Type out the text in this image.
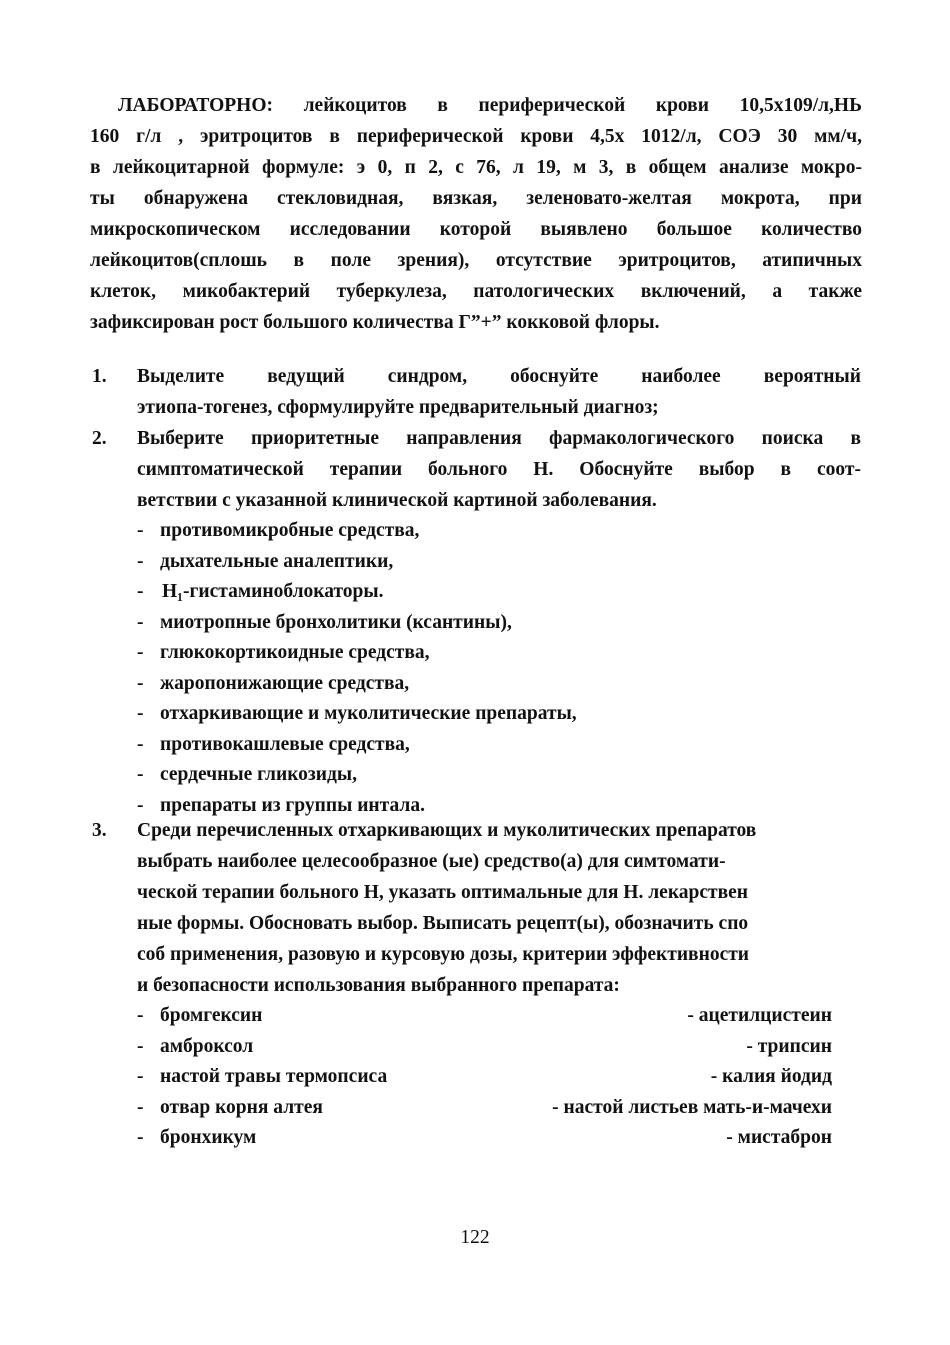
ЛАБОРАТОРНО: лейкоцитов в периферической крови 10,5х109/л,НЬ
160 г/л , эритроцитов в периферической крови 4,5х 1012/л, СОЭ 30 мм/ч,
в лейкоцитарной формуле: э 0, п 2, с 76, л 19, м 3, в общем анализе мокро-
ты обнаружена стекловидная, вязкая, зеленовато-желтая мокрота, при
микроскопическом исследовании которой выявлено большое количество
лейкоцитов(сплошь в поле зрения), отсутствие эритроцитов, атипичных
клеток, микобактерий туберкулеза, патологических включений, а также
зафиксирован рост большого количества Г”+” кокковой флоры.
1.	Выделите ведущий синдром, обоснуйте наиболее вероятный
этиопа-тогенез, сформулируйте предварительный диагноз;
2.	Выберите приоритетные направления фармакологического поиска в
симптоматической терапии больного Н. Обоснуйте выбор в соот-
ветствии с указанной клинической картиной заболевания.
- противомикробные средства,
- дыхательные аналептики,
- Н₁-гистаминоблокаторы.
- миотропные бронхолитики (ксантины),
- глюкокортикоидные средства,
- жаропонижающие средства,
- отхаркивающие и муколитические препараты,
- противокашлевые средства,
- сердечные гликозиды,
- препараты из группы интала.
3.	Среди перечисленных отхаркивающих и муколитических препаратов
выбрать наиболее целесообразное (ые) средство(а) для симтомати-
ческой терапии больного Н, указать оптимальные для Н. лекарствен
ные формы. Обосновать выбор. Выписать рецепт(ы), обозначить спо
соб применения, разовую и курсовую дозы, критерии эффективности
и безопасности использования выбранного препарата:
- бромгексин	- ацетилцистеин
- амброксол	- трипсин
- настой травы термопсиса	- калия йодид
- отвар корня алтея	- настой листьев мать-и-мачехи
- бронхикум	- мистаброн
122
